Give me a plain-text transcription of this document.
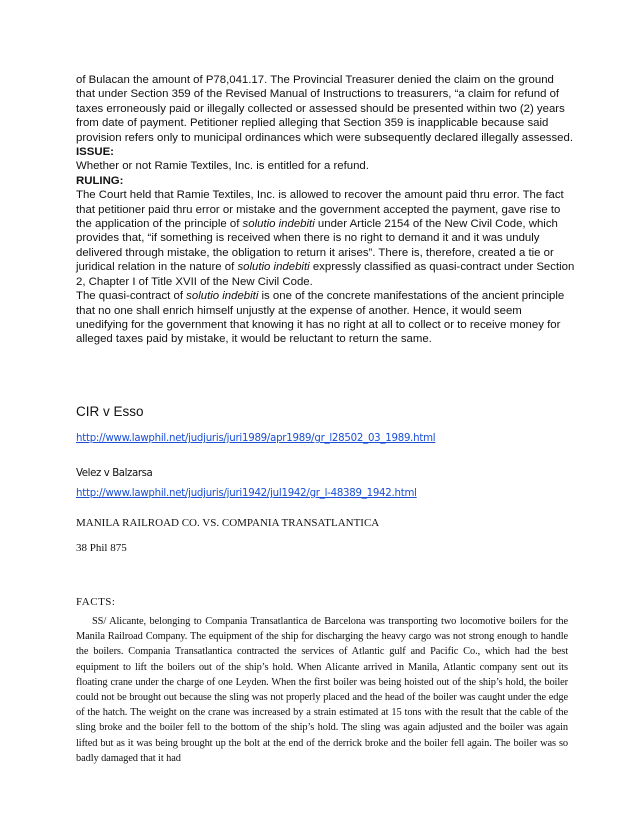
of Bulacan the amount of P78,041.17. The Provincial Treasurer denied the claim on the ground that under Section 359 of the Revised Manual of Instructions to treasurers, “a claim for refund of taxes erroneously paid or illegally collected or assessed should be presented within two (2) years from date of payment. Petitioner replied alleging that Section 359 is inapplicable because said provision refers only to municipal ordinances which were subsequently declared illegally assessed.

ISSUE:

Whether or not Ramie Textiles, Inc. is entitled for a refund.

RULING:

The Court held that Ramie Textiles, Inc. is allowed to recover the amount paid thru error. The fact that petitioner paid thru error or mistake and the government accepted the payment, gave rise to the application of the principle of solutio indebiti under Article 2154 of the New Civil Code, which provides that, “if something is received when there is no right to demand it and it was unduly delivered through mistake, the obligation to return it arises”. There is, therefore, created a tie or juridical relation in the nature of solutio indebiti expressly classified as quasi-contract under Section 2, Chapter I of Title XVII of the New Civil Code.

The quasi-contract of solutio indebiti is one of the concrete manifestations of the ancient principle that no one shall enrich himself unjustly at the expense of another. Hence, it would seem unedifying for the government that knowing it has no right at all to collect or to receive money for alleged taxes paid by mistake, it would be reluctant to return the same.

CIR v Esso
http://www.lawphil.net/judjuris/juri1989/apr1989/gr_l28502_03_1989.html
Velez v Balzarsa
http://www.lawphil.net/judjuris/juri1942/jul1942/gr_l-48389_1942.html
MANILA RAILROAD CO. VS. COMPANIA TRANSATLANTICA
38 Phil 875
FACTS:

SS/ Alicante, belonging to Compania Transatlantica de Barcelona was transporting two locomotive boilers for the Manila Railroad Company. The equipment of the ship for discharging the heavy cargo was not strong enough to handle the boilers. Compania Transatlantica contracted the services of Atlantic gulf and Pacific Co., which had the best equipment to lift the boilers out of the ship’s hold. When Alicante arrived in Manila, Atlantic company sent out its floating crane under the charge of one Leyden. When the first boiler was being hoisted out of the ship’s hold, the boiler could not be brought out because the sling was not properly placed and the head of the boiler was caught under the edge of the hatch. The weight on the crane was increased by a strain estimated at 15 tons with the result that the cable of the sling broke and the boiler fell to the bottom of the ship’s hold. The sling was again adjusted and the boiler was again lifted but as it was being brought up the bolt at the end of the derrick broke and the boiler fell again. The boiler was so badly damaged that it had
